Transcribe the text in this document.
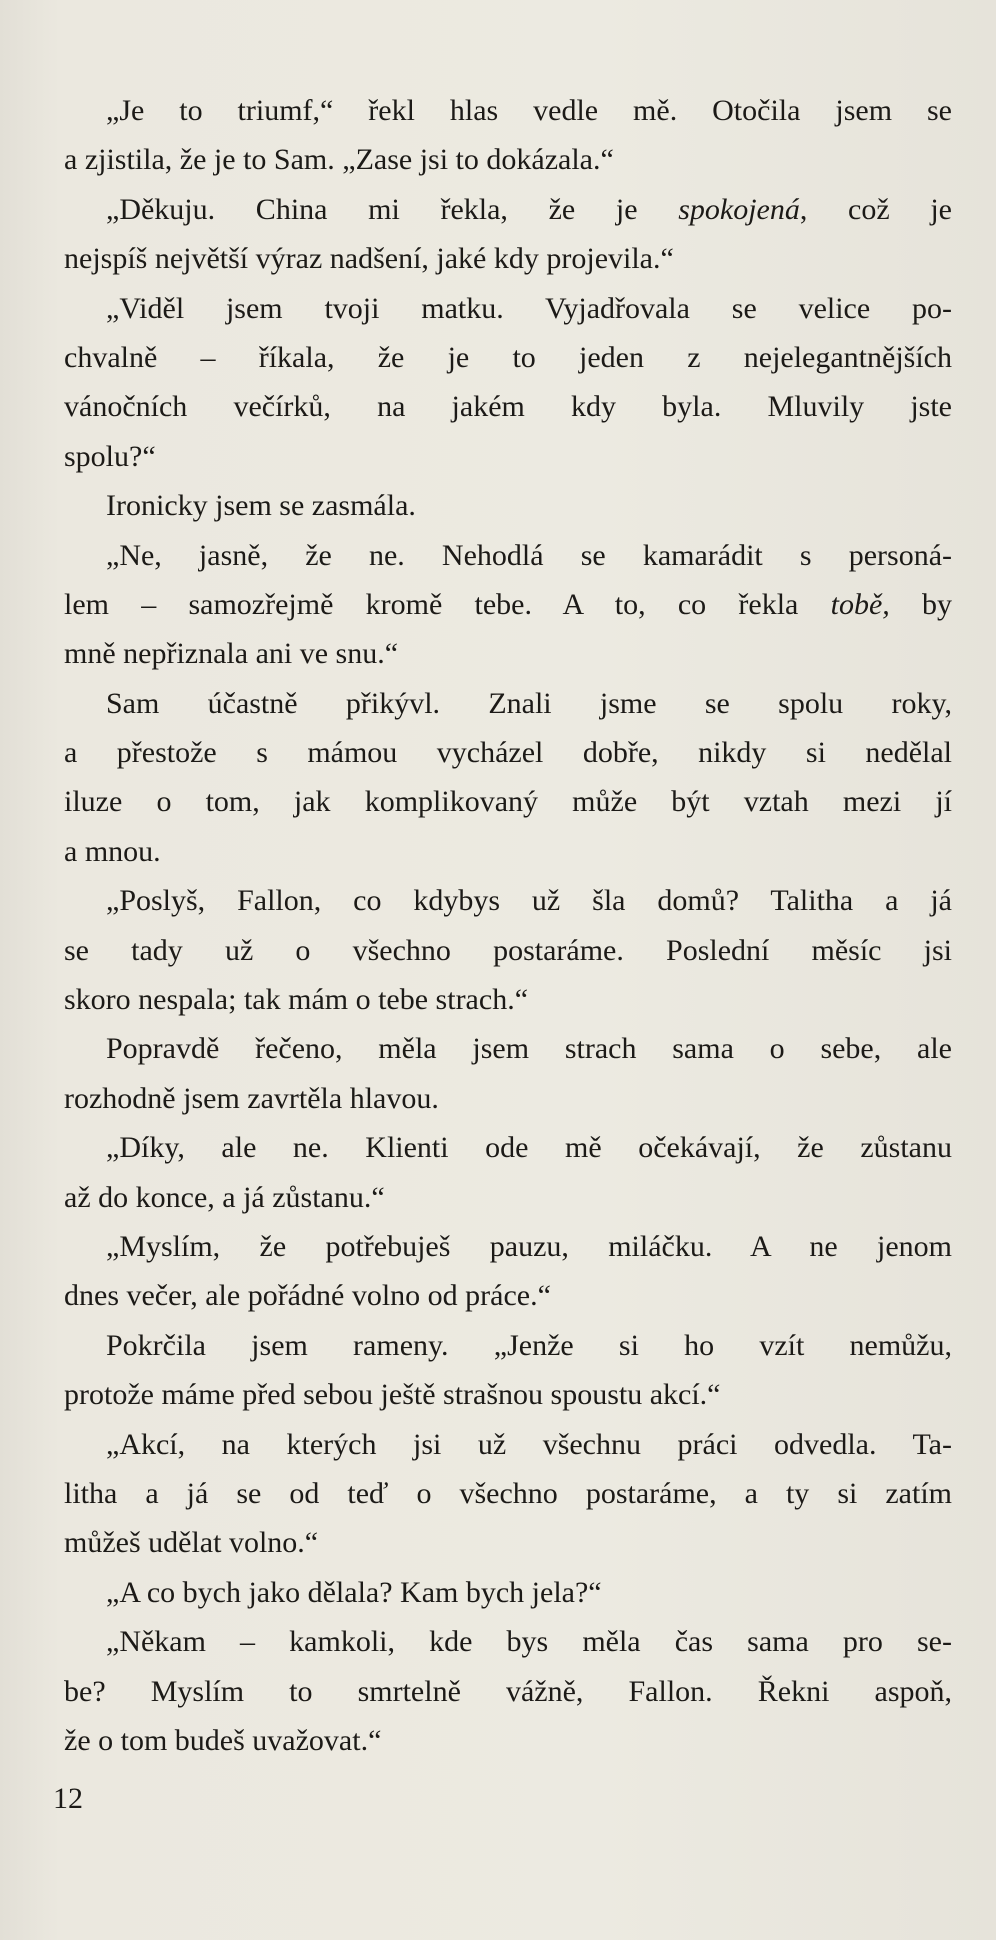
„Je to triumf,“ řekl hlas vedle mě. Otočila jsem se
a zjistila, že je to Sam. „Zase jsi to dokázala.“
„Děkuju. China mi řekla, že je spokojená, což je
nejspíš největší výraz nadšení, jaké kdy projevila.“
„Viděl jsem tvoji matku. Vyjadřovala se velice po-
chvalně – říkala, že je to jeden z nejelegantnějších
vánočních večírků, na jakém kdy byla. Mluvily jste
spolu?“
Ironicky jsem se zasmála.
„Ne, jasně, že ne. Nehodlá se kamarádit s personá-
lem – samozřejmě kromě tebe. A to, co řekla tobě, by
mně nepřiznala ani ve snu.“
Sam účastně přikývl. Znali jsme se spolu roky,
a přestože s mámou vycházel dobře, nikdy si nedělal
iluze o tom, jak komplikovaný může být vztah mezi jí
a mnou.
„Poslyš, Fallon, co kdybys už šla domů? Talitha a já
se tady už o všechno postaráme. Poslední měsíc jsi
skoro nespala; tak mám o tebe strach.“
Popravdě řečeno, měla jsem strach sama o sebe, ale
rozhodně jsem zavrtěla hlavou.
„Díky, ale ne. Klienti ode mě očekávají, že zůstanu
až do konce, a já zůstanu.“
„Myslím, že potřebuješ pauzu, miláčku. A ne jenom
dnes večer, ale pořádné volno od práce.“
Pokrčila jsem rameny. „Jenže si ho vzít nemůžu,
protože máme před sebou ještě strašnou spoustu akcí.“
„Akcí, na kterých jsi už všechnu práci odvedla. Ta-
litha a já se od teď o všechno postaráme, a ty si zatím
můžeš udělat volno.“
„A co bych jako dělala? Kam bych jela?“
„Někam – kamkoli, kde bys měla čas sama pro se-
be? Myslím to smrtelně vážně, Fallon. Řekni aspoň,
že o tom budeš uvažovat.“
12
